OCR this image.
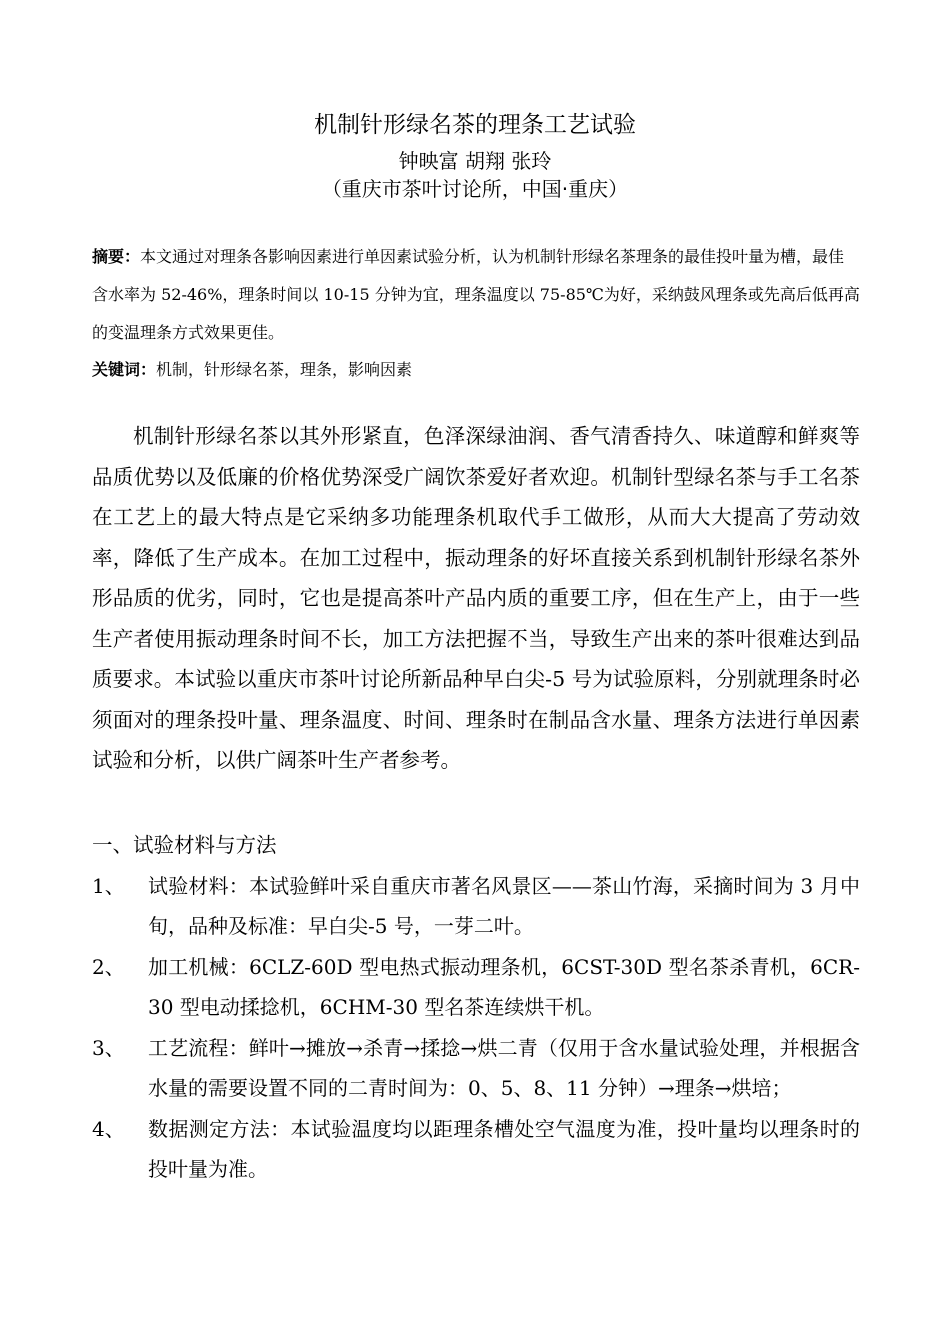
机制针形绿名茶的理条工艺试验
钟映富 胡翔 张玲
（重庆市茶叶讨论所，中国·重庆）
摘要：本文通过对理条各影响因素进行单因素试验分析，认为机制针形绿名茶理条的最佳投叶量为槽，最佳含水率为 52-46%，理条时间以 10-15 分钟为宜，理条温度以 75-85℃为好，采纳鼓风理条或先高后低再高的变温理条方式效果更佳。
关键词：机制，针形绿名茶，理条，影响因素

机制针形绿名茶以其外形紧直，色泽深绿油润、香气清香持久、味道醇和鲜爽等品质优势以及低廉的价格优势深受广阔饮茶爱好者欢迎。机制针型绿名茶与手工名茶在工艺上的最大特点是它采纳多功能理条机取代手工做形，从而大大提高了劳动效率，降低了生产成本。在加工过程中，振动理条的好坏直接关系到机制针形绿名茶外形品质的优劣，同时，它也是提高茶叶产品内质的重要工序，但在生产上，由于一些生产者使用振动理条时间不长，加工方法把握不当，导致生产出来的茶叶很难达到品质要求。本试验以重庆市茶叶讨论所新品种早白尖-5 号为试验原料，分别就理条时必须面对的理条投叶量、理条温度、时间、理条时在制品含水量、理条方法进行单因素试验和分析，以供广阔茶叶生产者参考。

一、试验材料与方法
1、 试验材料：本试验鲜叶采自重庆市著名风景区——茶山竹海，采摘时间为 3 月中旬，品种及标准：早白尖-5 号，一芽二叶。
2、 加工机械：6CLZ-60D 型电热式振动理条机，6CST-30D 型名茶杀青机，6CR-30 型电动揉捻机，6CHM-30 型名茶连续烘干机。
3、 工艺流程：鲜叶→摊放→杀青→揉捻→烘二青（仅用于含水量试验处理，并根据含水量的需要设置不同的二青时间为：0、5、8、11 分钟）→理条→烘培；
4、 数据测定方法：本试验温度均以距理条槽处空气温度为准，投叶量均以理条时的投叶量为准。
